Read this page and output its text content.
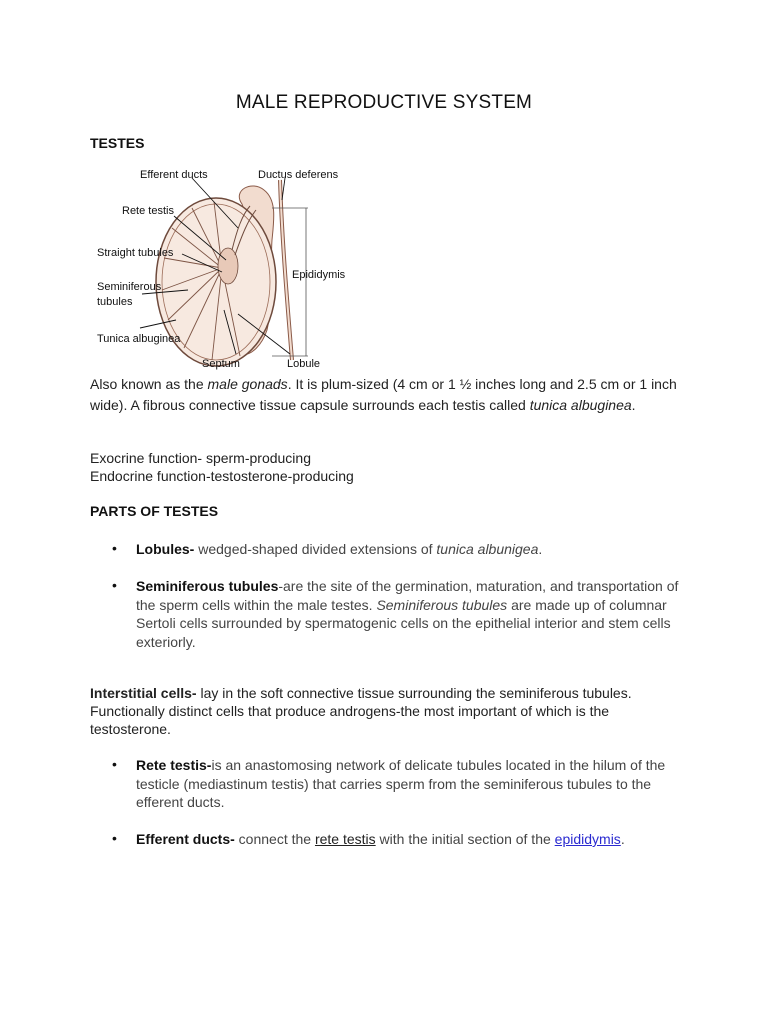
MALE REPRODUCTIVE SYSTEM
TESTES
Efferent ducts	Ductus deferens
Rete testis
Straight tubules
Seminiferous
tubules
Tunica albuginea
Septum	Lobule
Epididymis
Also known as the male gonads. It is plum-sized (4 cm or 1 ½ inches long and 2.5 cm or 1 inch wide). A fibrous connective tissue capsule surrounds each testis called tunica albuginea.
Exocrine function- sperm-producing
Endocrine function-testosterone-producing
PARTS OF TESTES
• Lobules- wedged-shaped divided extensions of tunica albunigea.
• Seminiferous tubules-are the site of the germination, maturation, and transportation of the sperm cells within the male testes. Seminiferous tubules are made up of columnar Sertoli cells surrounded by spermatogenic cells on the epithelial interior and stem cells exteriorly.
Interstitial cells- lay in the soft connective tissue surrounding the seminiferous tubules. Functionally distinct cells that produce androgens-the most important of which is the testosterone.
• Rete testis-is an anastomosing network of delicate tubules located in the hilum of the testicle (mediastinum testis) that carries sperm from the seminiferous tubules to the efferent ducts.
• Efferent ducts- connect the rete testis with the initial section of the epididymis.
